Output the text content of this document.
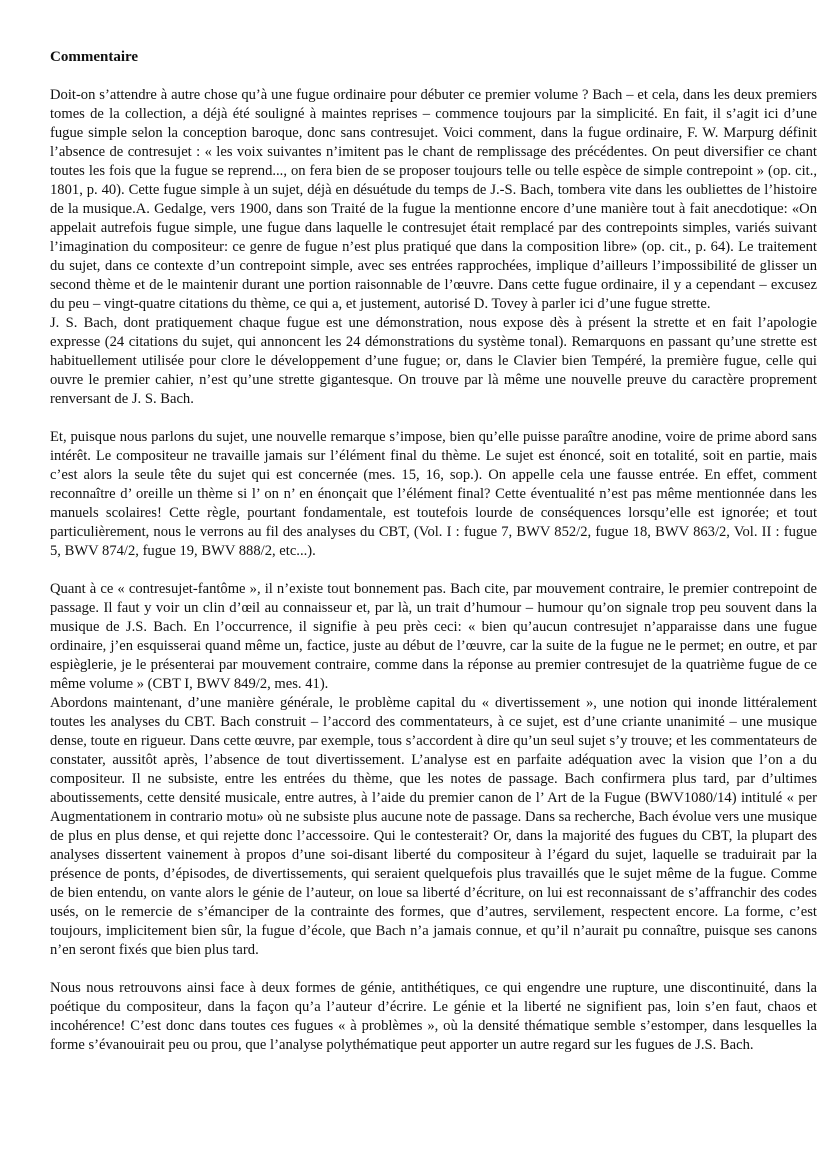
Commentaire

Doit-on s’attendre à autre chose qu’à une fugue ordinaire pour débuter ce premier volume ? Bach – et cela, dans les deux premiers tomes de la collection, a déjà été souligné à maintes reprises – commence toujours par la simplicité. En fait, il s’agit ici d’une fugue simple selon la conception baroque, donc sans contresujet. Voici comment, dans la fugue ordinaire, F. W. Marpurg définit l’absence de contresujet : « les voix suivantes n’imitent pas le chant de remplissage des précédentes. On peut diversifier ce chant toutes les fois que la fugue se reprend..., on fera bien de se proposer toujours telle ou telle espèce de simple contrepoint » (op. cit., 1801, p. 40). Cette fugue simple à un sujet, déjà en désuétude du temps de J.-S. Bach, tombera vite dans les oubliettes de l’histoire de la musique.A. Gedalge, vers 1900, dans son Traité de la fugue la mentionne encore d’une manière tout à fait anecdotique: «On appelait autrefois fugue simple, une fugue dans laquelle le contresujet était remplacé par des contrepoints simples, variés suivant l’imagination du compositeur: ce genre de fugue n’est plus pratiqué que dans la composition libre» (op. cit., p. 64). Le traitement du sujet, dans ce contexte d’un contrepoint simple, avec ses entrées rapprochées, implique d’ailleurs l’impossibilité de glisser un second thème et de le maintenir durant une portion raisonnable de l’œuvre. Dans cette fugue ordinaire, il y a cependant – excusez du peu – vingt-quatre citations du thème, ce qui a, et justement, autorisé D. Tovey à parler ici d’une fugue strette.

J. S. Bach, dont pratiquement chaque fugue est une démonstration, nous expose dès à présent la strette et en fait l’apologie expresse (24 citations du sujet, qui annoncent les 24 démonstrations du système tonal). Remarquons en passant qu’une strette est habituellement utilisée pour clore le développement d’une fugue; or, dans le Clavier bien Tempéré, la première fugue, celle qui ouvre le premier cahier, n’est qu’une strette gigantesque. On trouve par là même une nouvelle preuve du caractère proprement renversant de J. S. Bach.

Et, puisque nous parlons du sujet, une nouvelle remarque s’impose, bien qu’elle puisse paraître anodine, voire de prime abord sans intérêt. Le compositeur ne travaille jamais sur l’élément final du thème. Le sujet est énoncé, soit en totalité, soit en partie, mais c’est alors la seule tête du sujet qui est concernée (mes. 15, 16, sop.). On appelle cela une fausse entrée. En effet, comment reconnaître d’ oreille un thème si l’ on n’ en énonçait que l’élément final? Cette éventualité n’est pas même mentionnée dans les manuels scolaires! Cette règle, pourtant fondamentale, est toutefois lourde de conséquences lorsqu’elle est ignorée; et tout particulièrement, nous le verrons au fil des analyses du CBT, (Vol. I : fugue 7, BWV 852/2, fugue 18, BWV 863/2, Vol. II : fugue 5, BWV 874/2, fugue 19, BWV 888/2, etc...).

Quant à ce « contresujet-fantôme », il n’existe tout bonnement pas. Bach cite, par mouvement contraire, le premier contrepoint de passage. Il faut y voir un clin d’œil au connaisseur et, par là, un trait d’humour – humour qu’on signale trop peu souvent dans la musique de J.S. Bach. En l’occurrence, il signifie à peu près ceci: « bien qu’aucun contresujet n’apparaisse dans une fugue ordinaire, j’en esquisserai quand même un, factice, juste au début de l’œuvre, car la suite de la fugue ne le permet; en outre, et par espièglerie, je le présenterai par mouvement contraire, comme dans la réponse au premier contresujet de la quatrième fugue de ce même volume » (CBT I, BWV 849/2, mes. 41).

Abordons maintenant, d’une manière générale, le problème capital du « divertissement », une notion qui inonde littéralement toutes les analyses du CBT. Bach construit – l’accord des commentateurs, à ce sujet, est d’une criante unanimité – une musique dense, toute en rigueur. Dans cette œuvre, par exemple, tous s’accordent à dire qu’un seul sujet s’y trouve; et les commentateurs de constater, aussitôt après, l’absence de tout divertissement. L’analyse est en parfaite adéquation avec la vision que l’on a du compositeur. Il ne subsiste, entre les entrées du thème, que les notes de passage. Bach confirmera plus tard, par d’ultimes aboutissements, cette densité musicale, entre autres, à l’aide du premier canon de l’ Art de la Fugue (BWV1080/14) intitulé « per Augmentationem in contrario motu» où ne subsiste plus aucune note de passage. Dans sa recherche, Bach évolue vers une musique de plus en plus dense, et qui rejette donc l’accessoire. Qui le contesterait? Or, dans la majorité des fugues du CBT, la plupart des analyses dissertent vainement à propos d’une soi-disant liberté du compositeur à l’égard du sujet, laquelle se traduirait par la présence de ponts, d’épisodes, de divertissements, qui seraient quelquefois plus travaillés que le sujet même de la fugue. Comme de bien entendu, on vante alors le génie de l’auteur, on loue sa liberté d’écriture, on lui est reconnaissant de s’affranchir des codes usés, on le remercie de s’émanciper de la contrainte des formes, que d’autres, servilement, respectent encore. La forme, c’est toujours, implicitement bien sûr, la fugue d’école, que Bach n’a jamais connue, et qu’il n’aurait pu connaître, puisque ses canons n’en seront fixés que bien plus tard.

Nous nous retrouvons ainsi face à deux formes de génie, antithétiques, ce qui engendre une rupture, une discontinuité, dans la poétique du compositeur, dans la façon qu’a l’auteur d’écrire. Le génie et la liberté ne signifient pas, loin s’en faut, chaos et incohérence! C’est donc dans toutes ces fugues « à problèmes », où la densité thématique semble s’estomper, dans lesquelles la forme s’évanouirait peu ou prou, que l’analyse polythématique peut apporter un autre regard sur les fugues de J.S. Bach.
